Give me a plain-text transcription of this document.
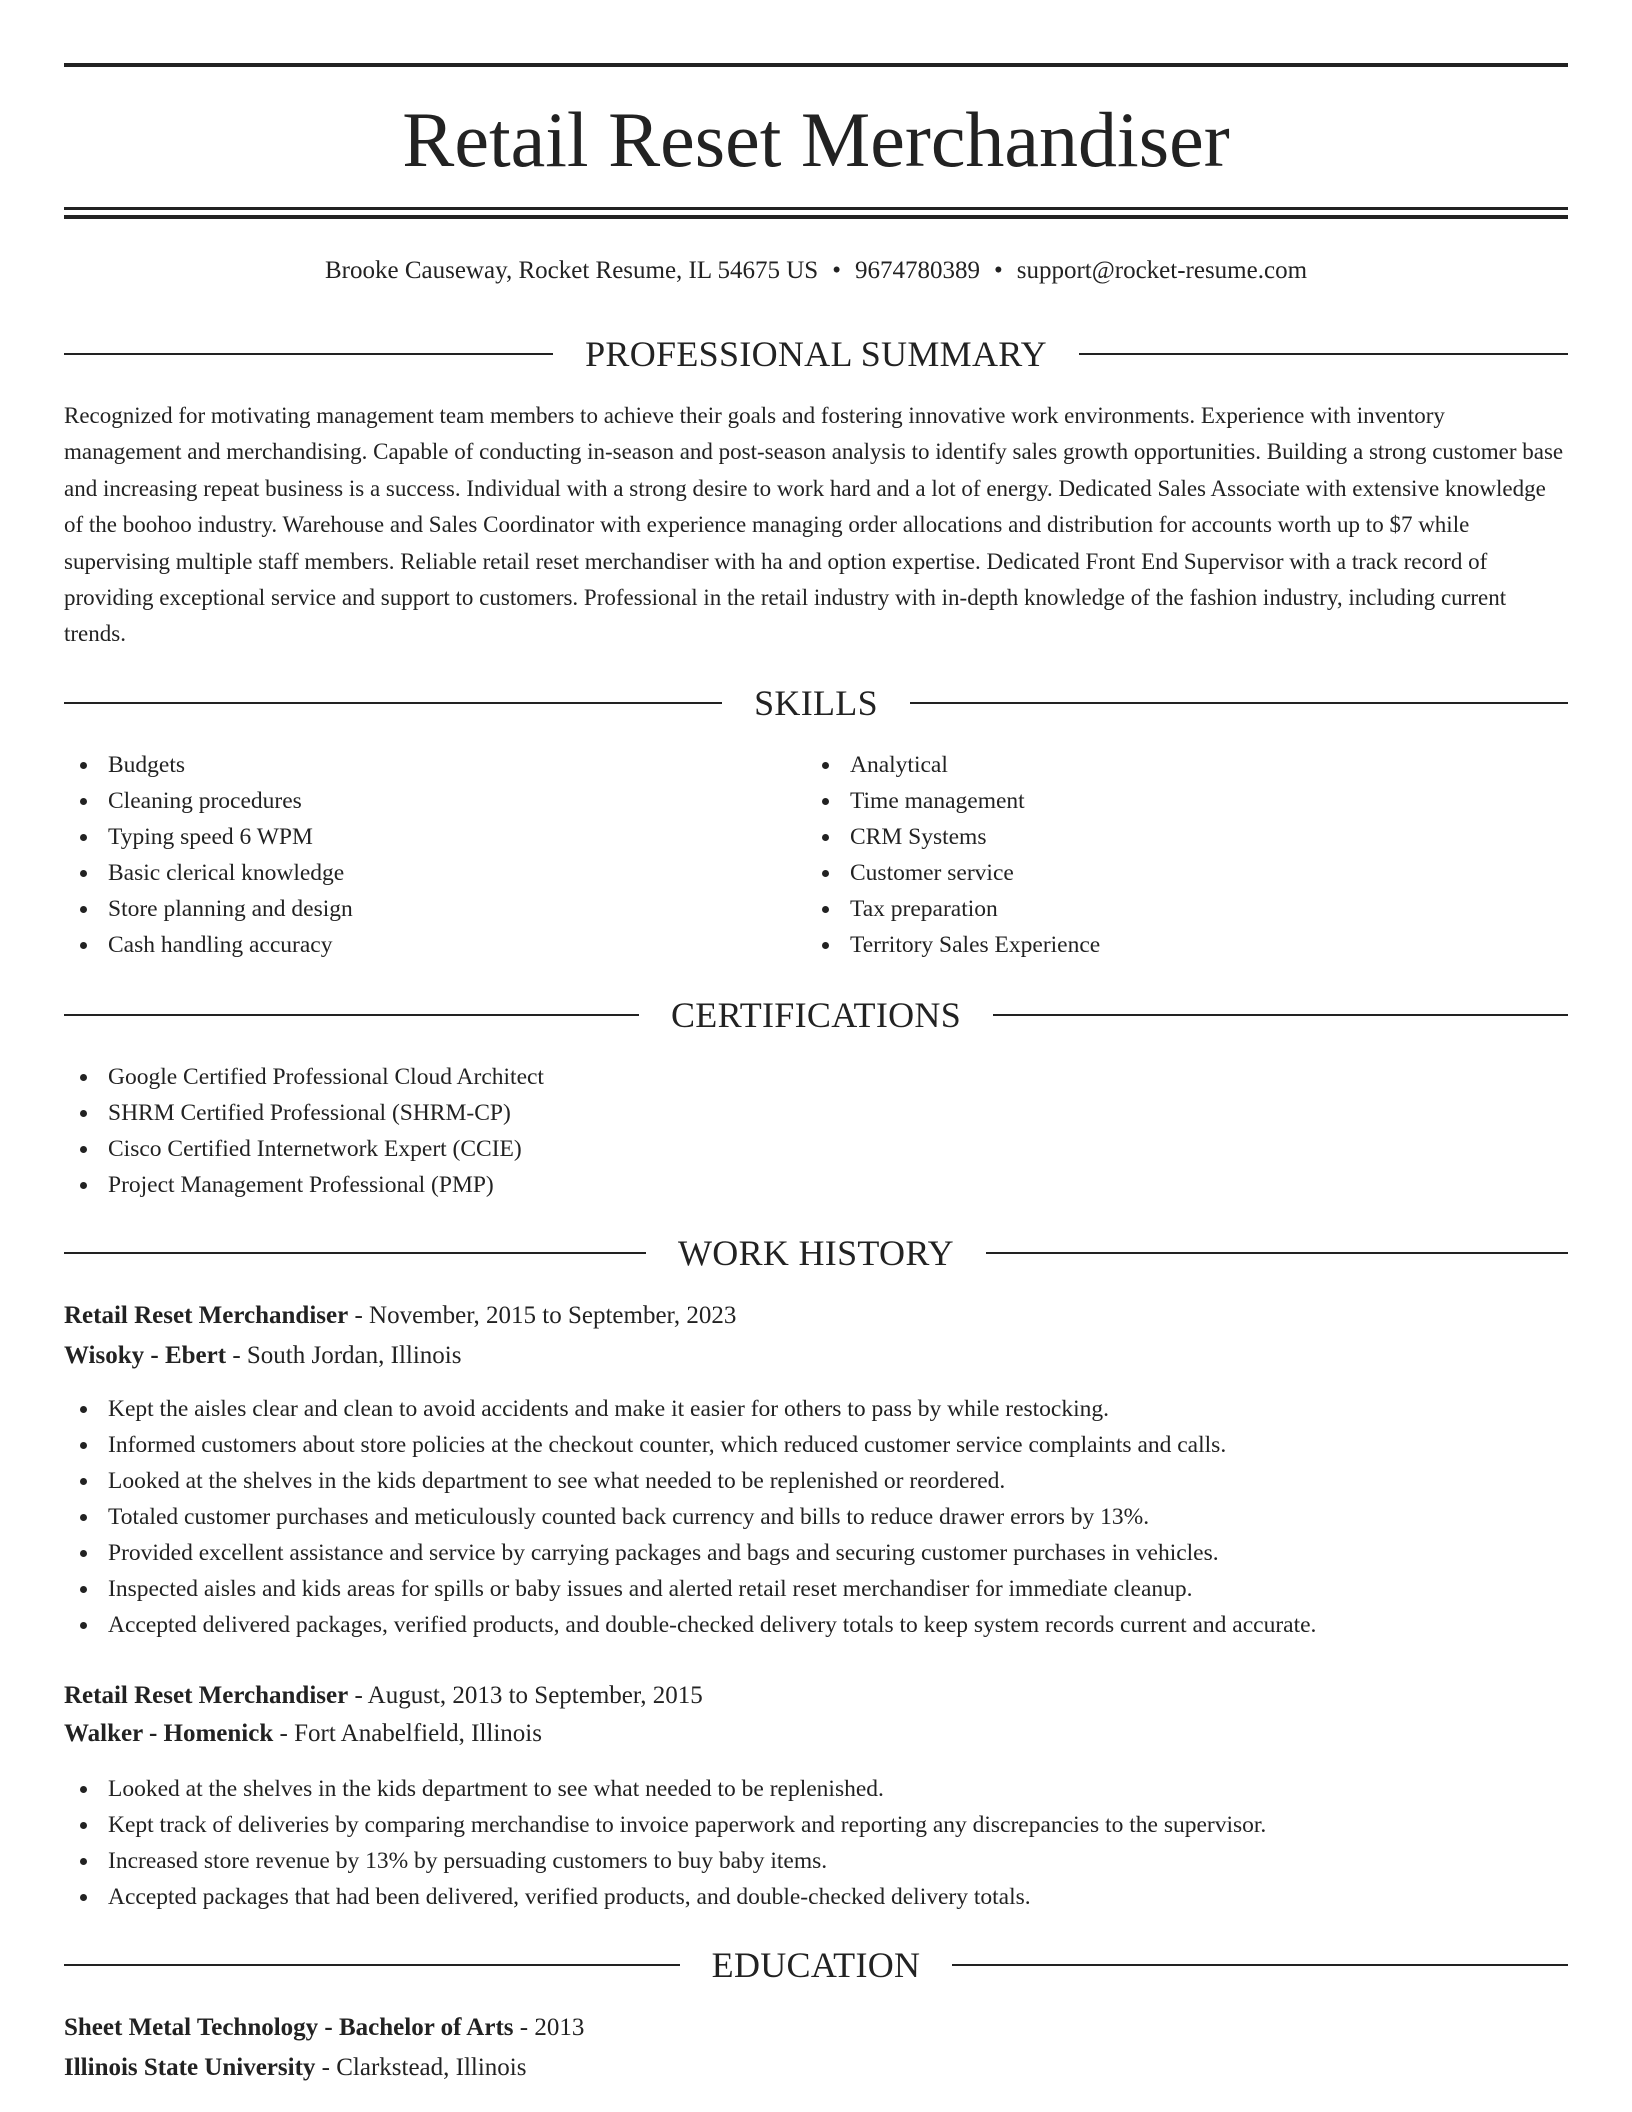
Retail Reset Merchandiser
Brooke Causeway, Rocket Resume, IL 54675 US • 9674780389 • support@rocket-resume.com
PROFESSIONAL SUMMARY

Recognized for motivating management team members to achieve their goals and fostering innovative work environments. Experience with inventory management and merchandising. Capable of conducting in-season and post-season analysis to identify sales growth opportunities. Building a strong customer base and increasing repeat business is a success. Individual with a strong desire to work hard and a lot of energy. Dedicated Sales Associate with extensive knowledge of the boohoo industry. Warehouse and Sales Coordinator with experience managing order allocations and distribution for accounts worth up to $7 while supervising multiple staff members. Reliable retail reset merchandiser with ha and option expertise. Dedicated Front End Supervisor with a track record of providing exceptional service and support to customers. Professional in the retail industry with in-depth knowledge of the fashion industry, including current trends.

SKILLS
Budgets
Cleaning procedures
Typing speed 6 WPM
Basic clerical knowledge
Store planning and design
Cash handling accuracy
Analytical
Time management
CRM Systems
Customer service
Tax preparation
Territory Sales Experience
CERTIFICATIONS
Google Certified Professional Cloud Architect
SHRM Certified Professional (SHRM-CP)
Cisco Certified Internetwork Expert (CCIE)
Project Management Professional (PMP)
WORK HISTORY
Retail Reset Merchandiser - November, 2015 to September, 2023
Wisoky - Ebert - South Jordan, Illinois
Kept the aisles clear and clean to avoid accidents and make it easier for others to pass by while restocking.
Informed customers about store policies at the checkout counter, which reduced customer service complaints and calls.
Looked at the shelves in the kids department to see what needed to be replenished or reordered.
Totaled customer purchases and meticulously counted back currency and bills to reduce drawer errors by 13%.
Provided excellent assistance and service by carrying packages and bags and securing customer purchases in vehicles.
Inspected aisles and kids areas for spills or baby issues and alerted retail reset merchandiser for immediate cleanup.
Accepted delivered packages, verified products, and double-checked delivery totals to keep system records current and accurate.
Retail Reset Merchandiser - August, 2013 to September, 2015
Walker - Homenick - Fort Anabelfield, Illinois
Looked at the shelves in the kids department to see what needed to be replenished.
Kept track of deliveries by comparing merchandise to invoice paperwork and reporting any discrepancies to the supervisor.
Increased store revenue by 13% by persuading customers to buy baby items.
Accepted packages that had been delivered, verified products, and double-checked delivery totals.
EDUCATION
Sheet Metal Technology - Bachelor of Arts - 2013
Illinois State University - Clarkstead, Illinois
